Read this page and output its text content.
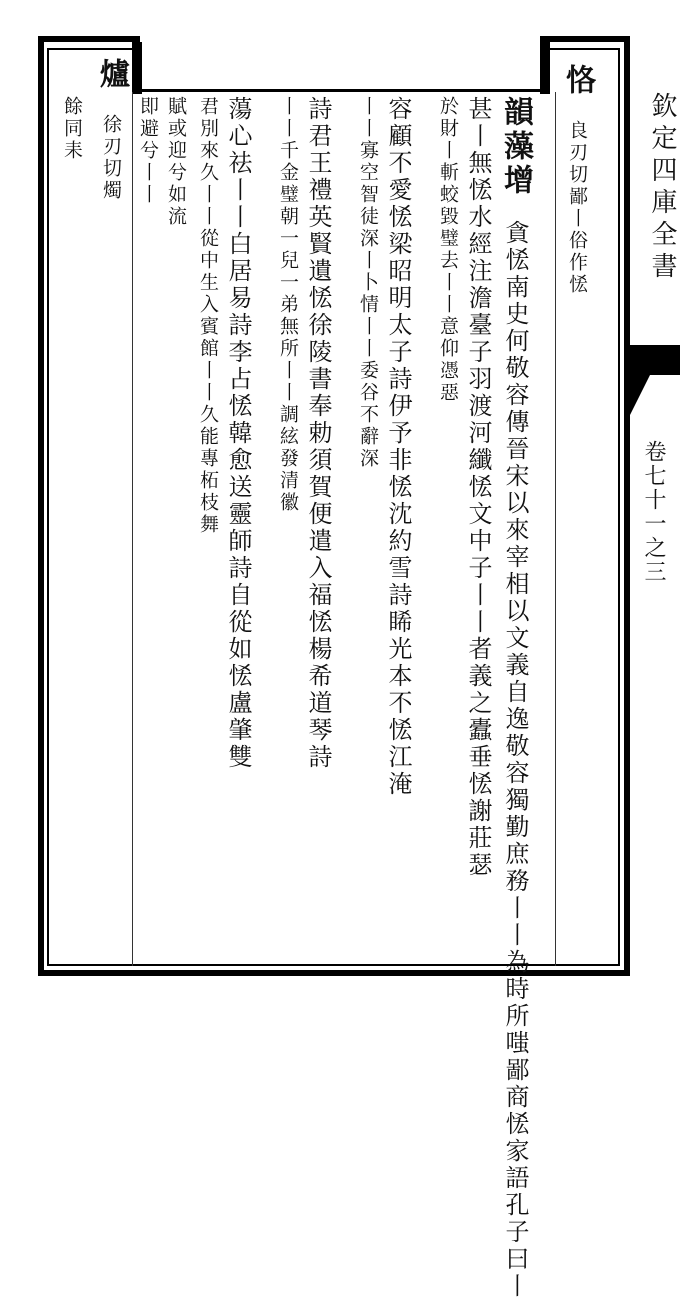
恪 良刃切鄙丨俗作恡
韻藻增 貪恡南史何敬容傳晉宋以來宰相以文義自逸敬容獨勤庶務丨丨為時所嗤鄙商恡家語孔子曰丨
甚丨無恡水經注澹臺子羽渡河纖恡文中子丨丨者義之蠹垂恡謝莊瑟
於財丨斬蛟毀璧去丨丨意仰憑惡
容顧不愛恡梁昭明太子詩伊予非恡沈約雪詩睎光本不恡江淹
丨丨寡空智徒深丨卜情丨丨委谷不辭深
詩君王禮英賢遺恡徐陵書奉勅須賀便遣入福恡楊希道琴詩
丨丨千金璧朝一兒一弟無所丨丨調絃發清徽
蕩心祛丨丨白居易詩李占恡韓愈送靈師詩自從如恡盧肇雙
君別來久丨丨從中生入賓館丨丨久能專柘枝舞
賦或迎兮如流
即避兮丨丨
爐 徐刃切燭
餘同耒	欽定四庫全書
卷七十一之三
